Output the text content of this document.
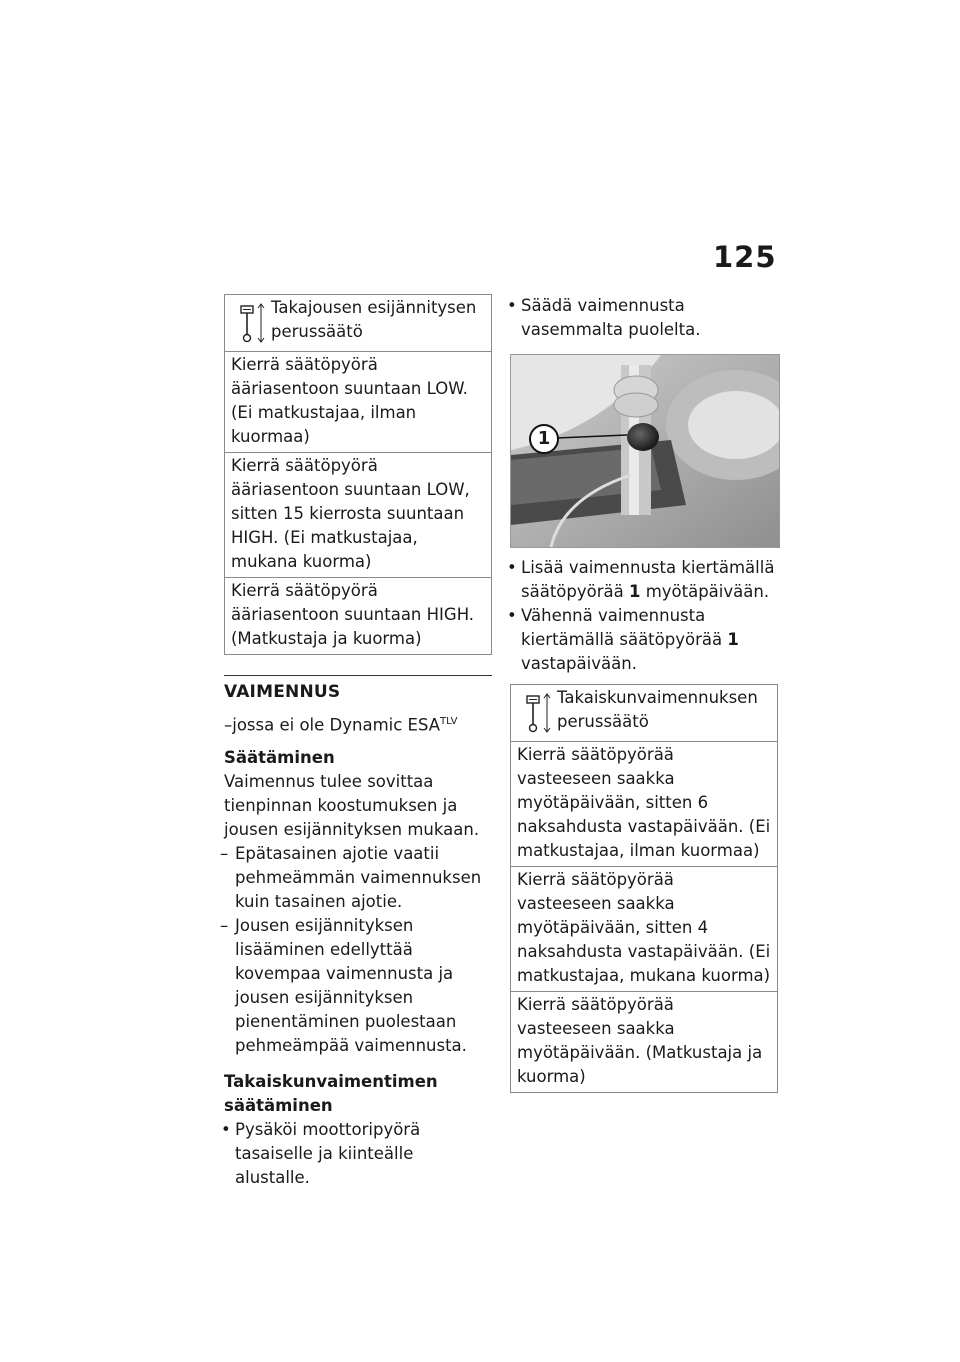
125
Takajousen esijännitysen perussäätö

Kierrä säätöpyörä ääriasentoon suuntaan LOW. (Ei matkustajaa, ilman kuormaa)
Kierrä säätöpyörä ääriasentoon suuntaan LOW, sitten 15 kierrosta suuntaan HIGH. (Ei matkustajaa, mukana kuorma)
Kierrä säätöpyörä ääriasentoon suuntaan HIGH. (Matkustaja ja kuorma)
VAIMENNUS

–jossa ei ole Dynamic $ESA^{TLV}$

Säätäminen

Vaimennus tulee sovittaa tienpinnan koostumuksen ja jousen esijännityksen mukaan.

– Epätasainen ajotie vaatii pehmeämmän vaimennuksen kuin tasainen ajotie.
– Jousen esijännityksen lisääminen edellyttää kovempaa vaimennusta ja jousen esijännityksen pienentäminen puolestaan pehmeämpää vaimennusta.
Takaiskunvaimentimen säätäminen
• Pysäköi moottoripyörä tasaiselle ja kiinteälle alustalle.
• Säädä vaimennusta vasemmalta puolelta.
1
• Lisää vaimennusta kiertämällä säätöpyörää 1 myötäpäivään.
• Vähennä vaimennusta kiertämällä säätöpyörää 1 vastapäivään.
Takaiskunvaimennuksen perussäätö

Kierrä säätöpyörää vasteeseen saakka myötäpäivään, sitten 6 naksahdusta vastapäivään. (Ei matkustajaa, ilman kuormaa)
Kierrä säätöpyörää vasteeseen saakka myötäpäivään, sitten 4 naksahdusta vastapäivään. (Ei matkustajaa, mukana kuorma)
Kierrä säätöpyörää vasteeseen saakka myötäpäivään. (Matkustaja ja kuorma)
